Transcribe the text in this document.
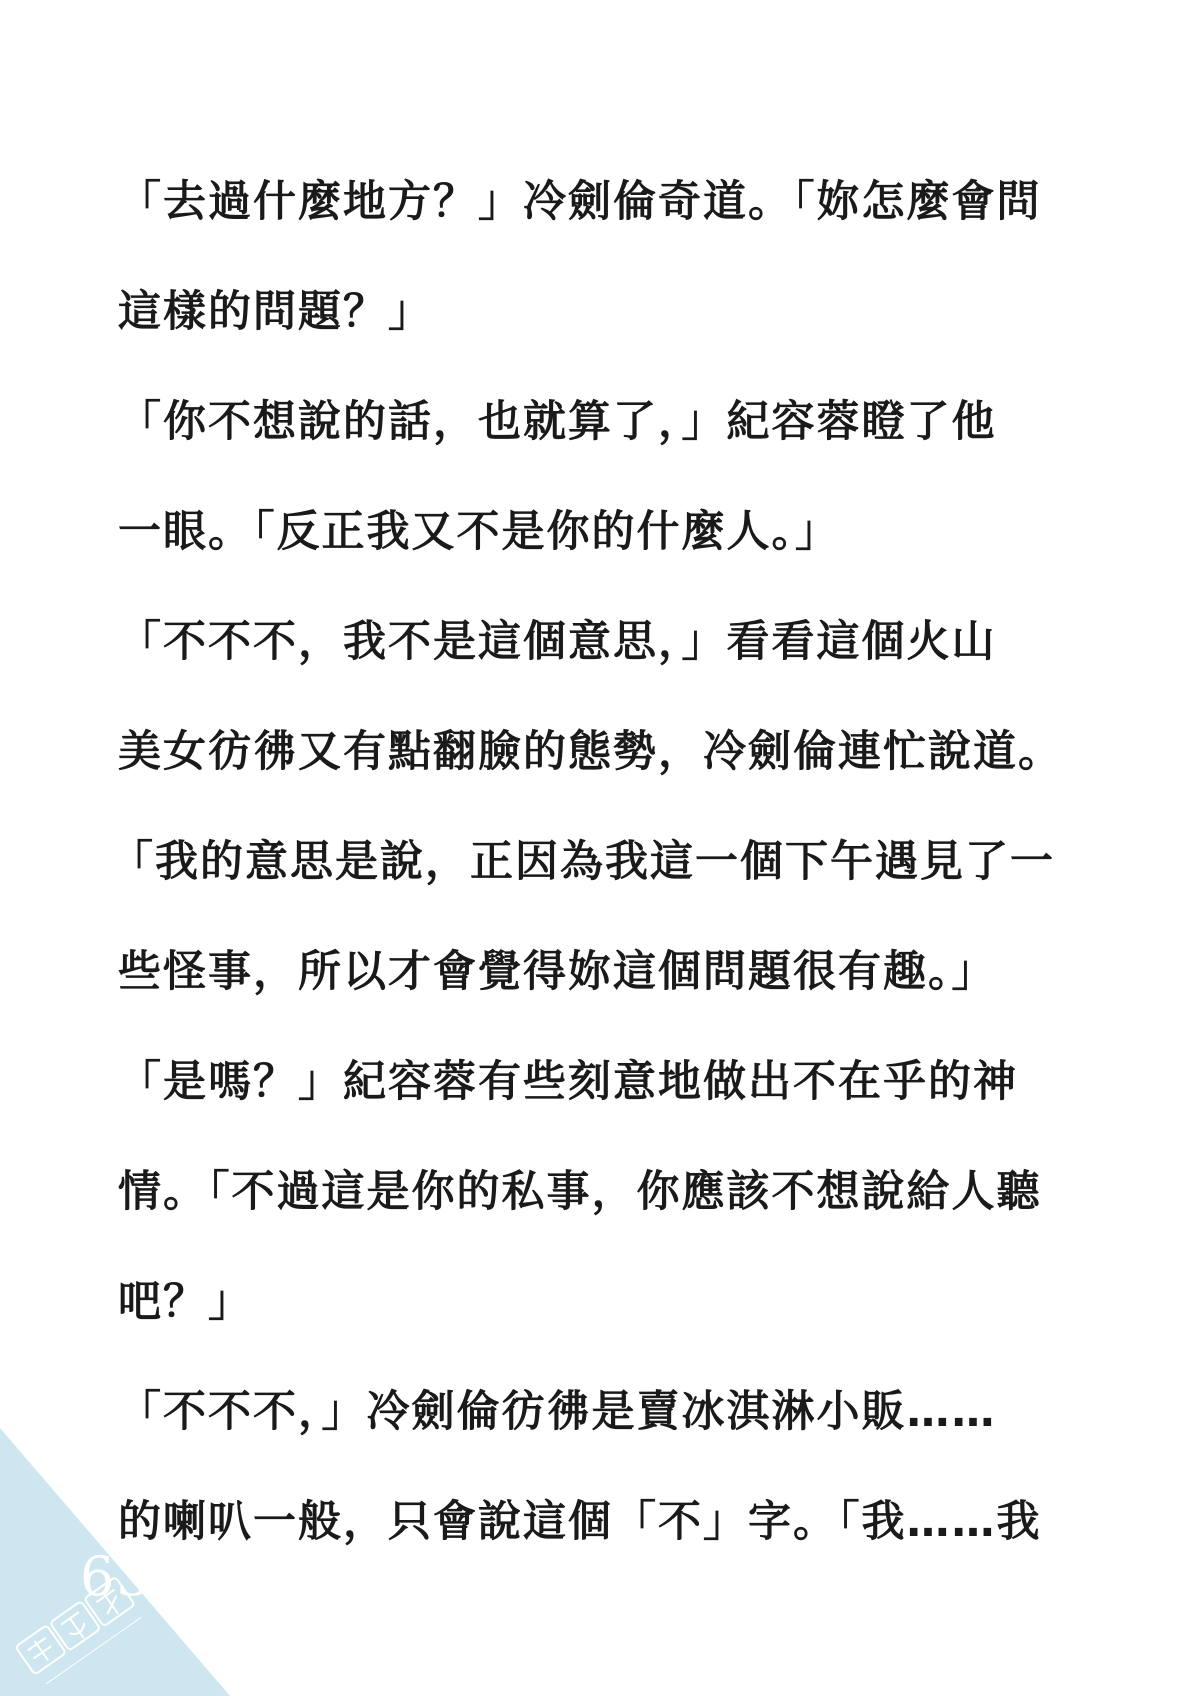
63

「去過什麼地方？」冷劍倫奇道。「妳怎麼會問

這樣的問題？」

「你不想說的話，也就算了，」紀容蓉瞪了他

一眼。「反正我又不是你的什麼人。」

「不不不，我不是這個意思，」看看這個火山

美女彷彿又有點翻臉的態勢，冷劍倫連忙說道。

「我的意思是說，正因為我這一個下午遇見了一

些怪事，所以才會覺得妳這個問題很有趣。」

「是嗎？」紀容蓉有些刻意地做出不在乎的神

情。「不過這是你的私事，你應該不想說給人聽

吧？」

「不不不，」冷劍倫彷彿是賣冰淇淋小販……

的喇叭一般，只會說這個「不」字。「我……我
